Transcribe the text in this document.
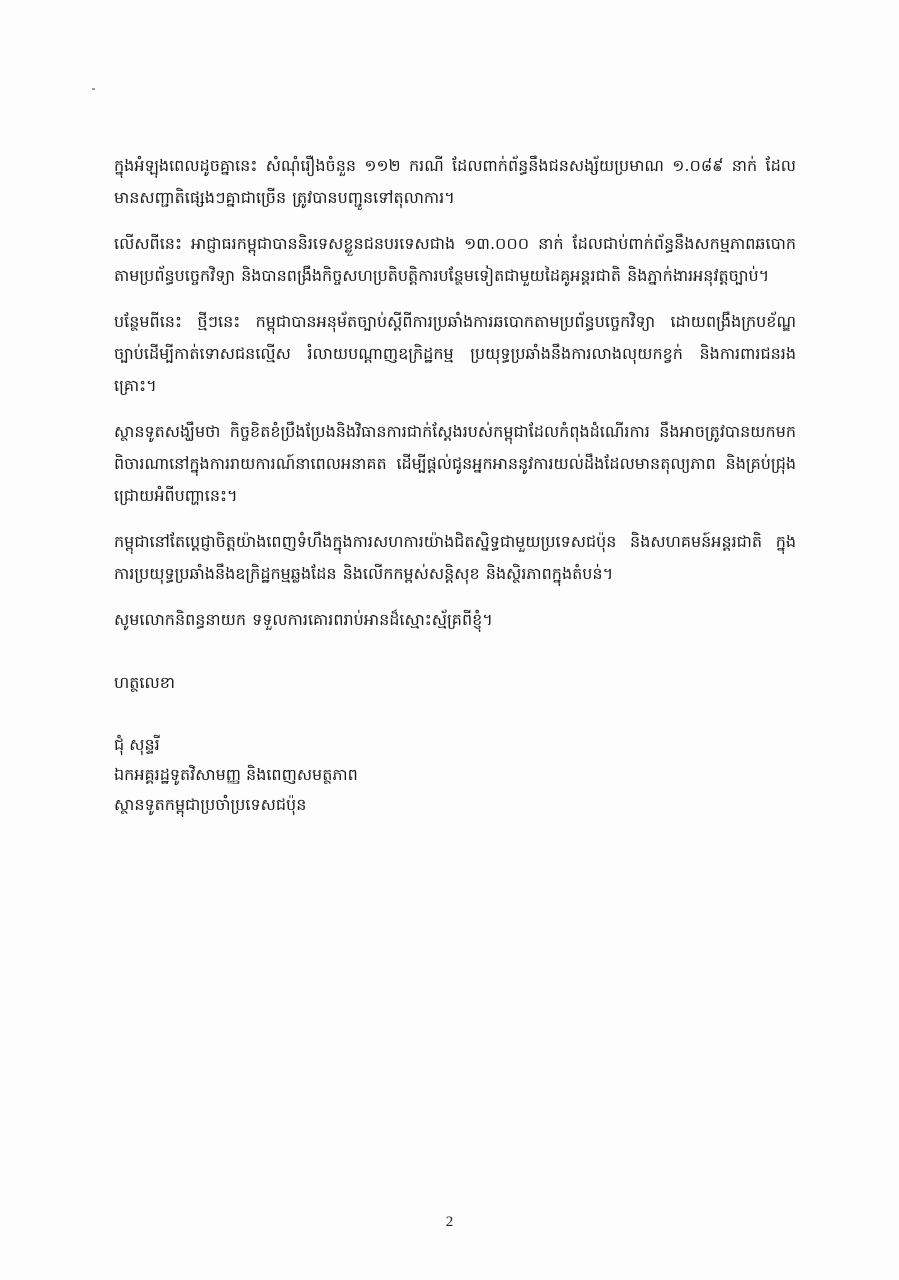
ក្នុងអំឡុងពេលដូចគ្នានេះ សំណុំរឿងចំនួន ១១២ ករណី ដែលពាក់ព័ន្ធនឹងជនសង្ស័យប្រមាណ ១.០៨៩ នាក់ ដែលមានសញ្ជាតិផ្សេងៗគ្នាជាច្រើន ត្រូវបានបញ្ជូនទៅតុលាការ។

លើសពីនេះ អាជ្ញាធរកម្ពុជាបាននិរទេសខ្លួនជនបរទេសជាង ១៣.០០០ នាក់ ដែលជាប់ពាក់ព័ន្ធនឹងសកម្មភាពឆបោកតាមប្រព័ន្ធបច្ចេកវិទ្យា និងបានពង្រឹងកិច្ចសហប្រតិបត្តិការបន្ថែមទៀតជាមួយដៃគូអន្តរជាតិ និងភ្នាក់ងារអនុវត្តច្បាប់។

បន្ថែមពីនេះ ថ្មីៗនេះ កម្ពុជាបានអនុម័តច្បាប់ស្តីពីការប្រឆាំងការឆបោកតាមប្រព័ន្ធបច្ចេកវិទ្យា ដោយពង្រឹងក្របខ័ណ្ឌច្បាប់ដើម្បីកាត់ទោសជនល្មើស រំលាយបណ្តាញឧក្រិដ្ឋកម្ម ប្រយុទ្ធប្រឆាំងនឹងការលាងលុយកខ្វក់ និងការពារជនរងគ្រោះ។

ស្ថានទូតសង្ឃឹមថា កិច្ចខិតខំប្រឹងប្រែងនិងវិធានការជាក់ស្តែងរបស់កម្ពុជាដែលកំពុងដំណើរការ នឹងអាចត្រូវបានយកមកពិចារណានៅក្នុងការរាយការណ៍នាពេលអនាគត ដើម្បីផ្តល់ជូនអ្នកអាននូវការយល់ដឹងដែលមានតុល្យភាព និងគ្រប់ជ្រុងជ្រោយអំពីបញ្ហានេះ។

កម្ពុជានៅតែប្តេជ្ញាចិត្តយ៉ាងពេញទំហឹងក្នុងការសហការយ៉ាងជិតស្និទ្ធជាមួយប្រទេសជប៉ុន និងសហគមន៍អន្តរជាតិ ក្នុងការប្រយុទ្ធប្រឆាំងនឹងឧក្រិដ្ឋកម្មឆ្លងដែន និងលើកកម្ពស់សន្តិសុខ និងស្ថិរភាពក្នុងតំបន់។

សូមលោកនិពន្ធនាយក ទទួលការគោរពរាប់អានដ៏ស្មោះស្ម័គ្រពីខ្ញុំ។

ហត្ថលេខា

ជុំ សុន្ទរី
ឯកអគ្គរដ្ឋទូតវិសាមញ្ញ និងពេញសមត្ថភាព
ស្ថានទូតកម្ពុជាប្រចាំប្រទេសជប៉ុន
2
